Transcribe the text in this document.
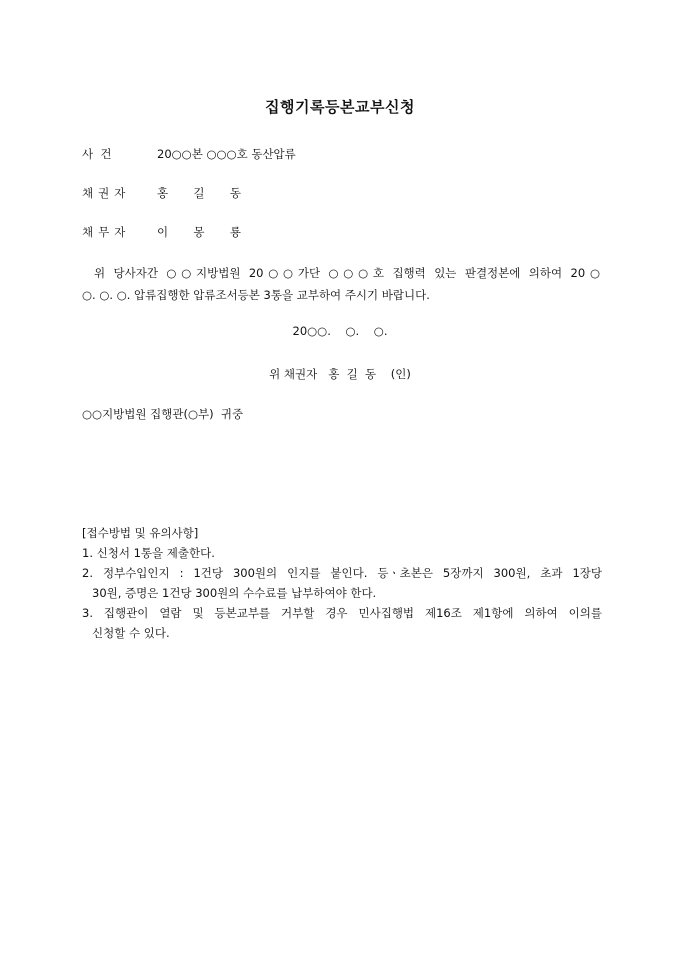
집행기록등본교부신청
사  건	20○○본 ○○○호 동산압류
채권자 홍  길  동
채무자 이  몽  룡
위 당사자간 ○○지방법원 20○○가단 ○○○호 집행력 있는 판결정본에 의하여 20○
○. ○. ○. 압류집행한 압류조서등본 3통을 교부하여 주시기 바랍니다.
20○○.    ○.    ○.
위 채권자   홍  길  동    (인)
○○지방법원 집행관(○부)  귀중
[접수방법 및 유의사항]
1. 신청서 1통을 제출한다.
2. 정부수입인지 : 1건당 300원의 인지를 붙인다. 등ㆍ초본은 5장까지 300원, 초과 1장당
30원, 증명은 1건당 300원의 수수료를 납부하여야 한다.
3. 집행관이 열람 및 등본교부를 거부할 경우 민사집행법 제16조 제1항에 의하여 이의를
신청할 수 있다.
